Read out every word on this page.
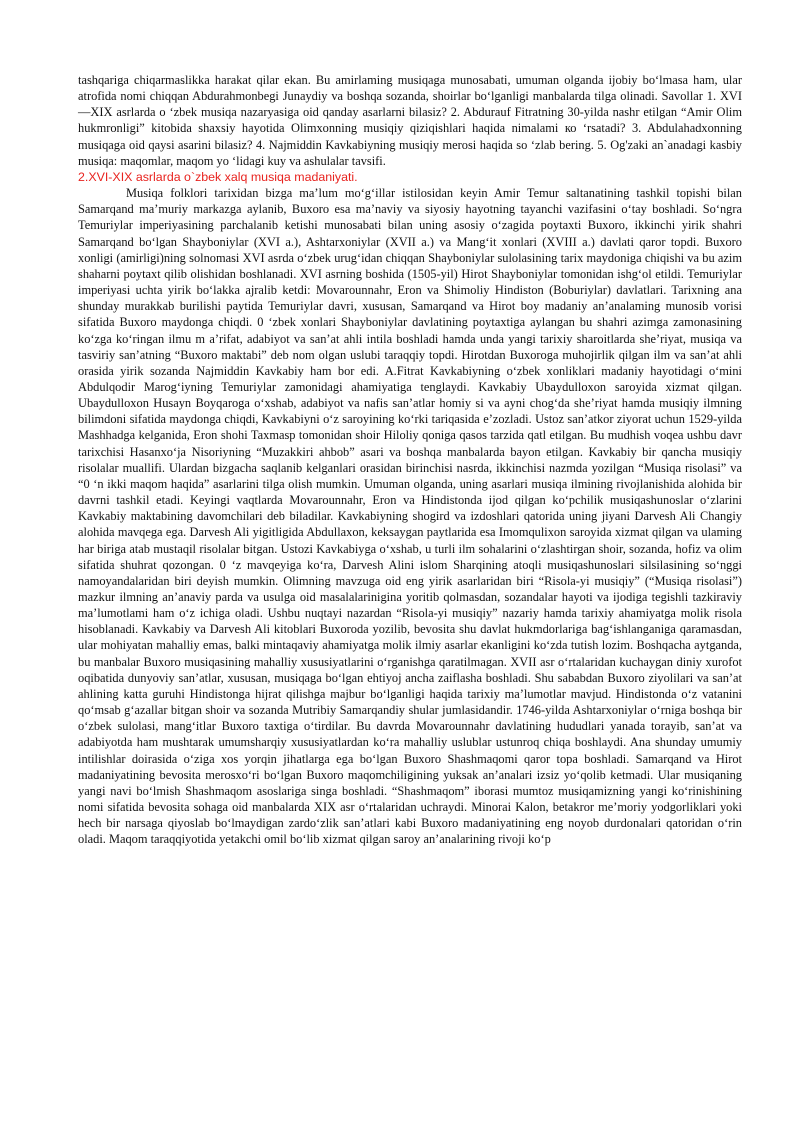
tashqariga chiqarmaslikka harakat qilar ekan. Bu amirlaming musiqaga munosabati, umuman olganda ijobiy bo‘lmasa ham, ular atrofida nomi chiqqan Abdurahmonbegi Junaydiy va boshqa sozanda, shoirlar bo‘lganligi manbalarda tilga olinadi. Savollar 1. XVI—XIX asrlarda o ‘zbek musiqa nazaryasiga oid qanday asarlarni bilasiz? 2. Abdurauf Fitratning 30-yilda nashr etilgan “Amir Olim hukmronligi” kitobida shaxsiy hayotida Olimxonning musiqiy qiziqishlari haqida nimalami ко ‘rsatadi? 3. Abdulahadxonning musiqaga oid qaysi asarini bilasiz? 4. Najmiddin Kavkabiyning musiqiy merosi haqida so ‘zlab bering. 5. Og'zaki an`anadagi kasbiy musiqa: maqomlar, maqom yo ‘lidagi kuy va ashulalar tavsifi.

2.XVI-XIX asrlarda o`zbek xalq musiqa madaniyati.

Musiqa folklori tarixidan bizga ma’lum mo‘g‘illar istilosidan keyin Amir Temur saltanatining tashkil topishi bilan Samarqand ma’muriy markazga aylanib, Buxoro esa ma’naviy va siyosiy hayotning tayanchi vazifasini o‘tay boshladi. So‘ngra Temuriylar imperiyasining parchalanib ketishi munosabati bilan uning asosiy o‘zagida poytaxti Buxoro, ikkinchi yirik shahri Samarqand bo‘lgan Shayboniylar (XVI a.), Ashtarxoniylar (XVII a.) va Mang‘it xonlari (XVIII a.) davlati qaror topdi. Buxoro xonligi (amirligi)ning solnomasi XVI asrda o‘zbek urug‘idan chiqqan Shayboniylar sulolasining tarix maydoniga chiqishi va bu azim shaharni poytaxt qilib olishidan boshlanadi. XVI asrning boshida (1505-yil) Hirot Shayboniylar tomonidan ishg‘ol etildi. Temuriylar imperiyasi uchta yirik bo‘lakka ajralib ketdi: Movarounnahr, Eron va Shimoliy Hindiston (Boburiylar) davlatlari. Tarixning ana shunday murakkab burilishi paytida Temuriylar davri, xususan, Samarqand va Hirot boy madaniy an’analaming munosib vorisi sifatida Buxoro maydonga chiqdi. 0 ‘zbek xonlari Shayboniylar davlatining poytaxtiga aylangan bu shahri azimga zamonasining ko‘zga ko‘ringan ilmu m a’rifat, adabiyot va san’at ahli intila boshladi hamda unda yangi tarixiy sharoitlarda she’riyat, musiqa va tasviriy san’atning “Buxoro maktabi” deb nom olgan uslubi taraqqiy topdi. Hirotdan Buxoroga muhojirlik qilgan ilm va san’at ahli orasida yirik sozanda Najmiddin Kavkabiy ham bor edi. A.Fitrat Kavkabiyning o‘zbek xonliklari madaniy hayotidagi o‘mini Abdulqodir Marog‘iyning Temuriylar zamonidagi ahamiyatiga tenglaydi. Kavkabiy Ubaydulloxon saroyida xizmat qilgan. Ubaydulloxon Husayn Boyqaroga o‘xshab, adabiyot va nafis san’atlar homiy si va ayni chog‘da she’riyat hamda musiqiy ilmning bilimdoni sifatida maydonga chiqdi, Kavkabiyni o‘z saroyining ko‘rki tariqasida e’zozladi. Ustoz san’atkor ziyorat uchun 1529-yilda Mashhadga kelganida, Eron shohi Taxmasp tomonidan shoir Hiloliy qoniga qasos tarzida qatl etilgan. Bu mudhish voqea ushbu davr tarixchisi Hasanxo‘ja Nisoriyning “Muzakkiri ahbob” asari va boshqa manbalarda bayon etilgan. Kavkabiy bir qancha musiqiy risolalar muallifi. Ulardan bizgacha saqlanib kelganlari orasidan birinchisi nasrda, ikkinchisi nazmda yozilgan “Musiqa risolasi” va “0 ‘n ikki maqom haqida” asarlarini tilga olish mumkin. Umuman olganda, uning asarlari musiqa ilmining rivojlanishida alohida bir davrni tashkil etadi. Keyingi vaqtlarda Movarounnahr, Eron va Hindistonda ijod qilgan ko‘pchilik musiqashunoslar o‘zlarini Kavkabiy maktabining davomchilari deb biladilar. Kavkabiyning shogird va izdoshlari qatorida uning jiyani Darvesh Ali Changiy alohida mavqega ega. Darvesh Ali yigitligida Abdullaxon, keksaygan paytlarida esa Imomqulixon saroyida xizmat qilgan va ulaming har biriga atab mustaqil risolalar bitgan. Ustozi Kavkabiyga o‘xshab, u turli ilm sohalarini o‘zlashtirgan shoir, sozanda, hofiz va olim sifatida shuhrat qozongan. 0 ‘z mavqeyiga ko‘ra, Darvesh Alini islom Sharqining atoqli musiqashunoslari silsilasining so‘nggi namoyandalaridan biri deyish mumkin. Olimning mavzuga oid eng yirik asarlaridan biri “Risola-yi musiqiy” (“Musiqa risolasi”) mazkur ilmning an’anaviy parda va usulga oid masalalarinigina yoritib qolmasdan, sozandalar hayoti va ijodiga tegishli tazkiraviy ma’lumotlami ham o‘z ichiga oladi. Ushbu nuqtayi nazardan “Risola-yi musiqiy” nazariy hamda tarixiy ahamiyatga molik risola hisoblanadi. Kavkabiy va Darvesh Ali kitoblari Buxoroda yozilib, bevosita shu davlat hukmdorlariga bag‘ishlanganiga qaramasdan, ular mohiyatan mahalliy emas, balki mintaqaviy ahamiyatga molik ilmiy asarlar ekanligini ko‘zda tutish lozim. Boshqacha aytganda, bu manbalar Buxoro musiqasining mahalliy xususiyatlarini o‘rganishga qaratilmagan. XVII asr o‘rtalaridan kuchaygan diniy xurofot oqibatida dunyoviy san’atlar, xususan, musiqaga bo‘lgan ehtiyoj ancha zaiflasha boshladi. Shu sababdan Buxoro ziyolilari va san’at ahlining katta guruhi Hindistonga hijrat qilishga majbur bo‘lganligi haqida tarixiy ma’lumotlar mavjud. Hindistonda o‘z vatanini qo‘msab g‘azallar bitgan shoir va sozanda Mutribiy Samarqandiy shular jumlasidandir. 1746-yilda Ashtarxoniylar o‘rniga boshqa bir o‘zbek sulolasi, mang‘itlar Buxoro taxtiga o‘tirdilar. Bu davrda Movarounnahr davlatining hududlari yanada torayib, san’at va adabiyotda ham mushtarak umumsharqiy xususiyatlardan ko‘ra mahalliy uslublar ustunroq chiqa boshlaydi. Ana shunday umumiy intilishlar doirasida o‘ziga xos yorqin jihatlarga ega bo‘lgan Buxoro Shashmaqomi qaror topa boshladi. Samarqand va Hirot madaniyatining bevosita merosxo‘ri bo‘lgan Buxoro maqomchiligining yuksak an’analari izsiz yo‘qolib ketmadi. Ular musiqaning yangi navi bo‘lmish Shashmaqom asoslariga singa boshladi. “Shashmaqom” iborasi mumtoz musiqamizning yangi ko‘rinishining nomi sifatida bevosita sohaga oid manbalarda XIX asr o‘rtalaridan uchraydi. Minorai Kalon, betakror me’moriy yodgorliklari yoki hech bir narsaga qiyoslab bo‘lmaydigan zardo‘zlik san’atlari kabi Buxoro madaniyatining eng noyob durdonalari qatoridan o‘rin oladi. Maqom taraqqiyotida yetakchi omil bo‘lib xizmat qilgan saroy an’analarining rivoji ko‘p
